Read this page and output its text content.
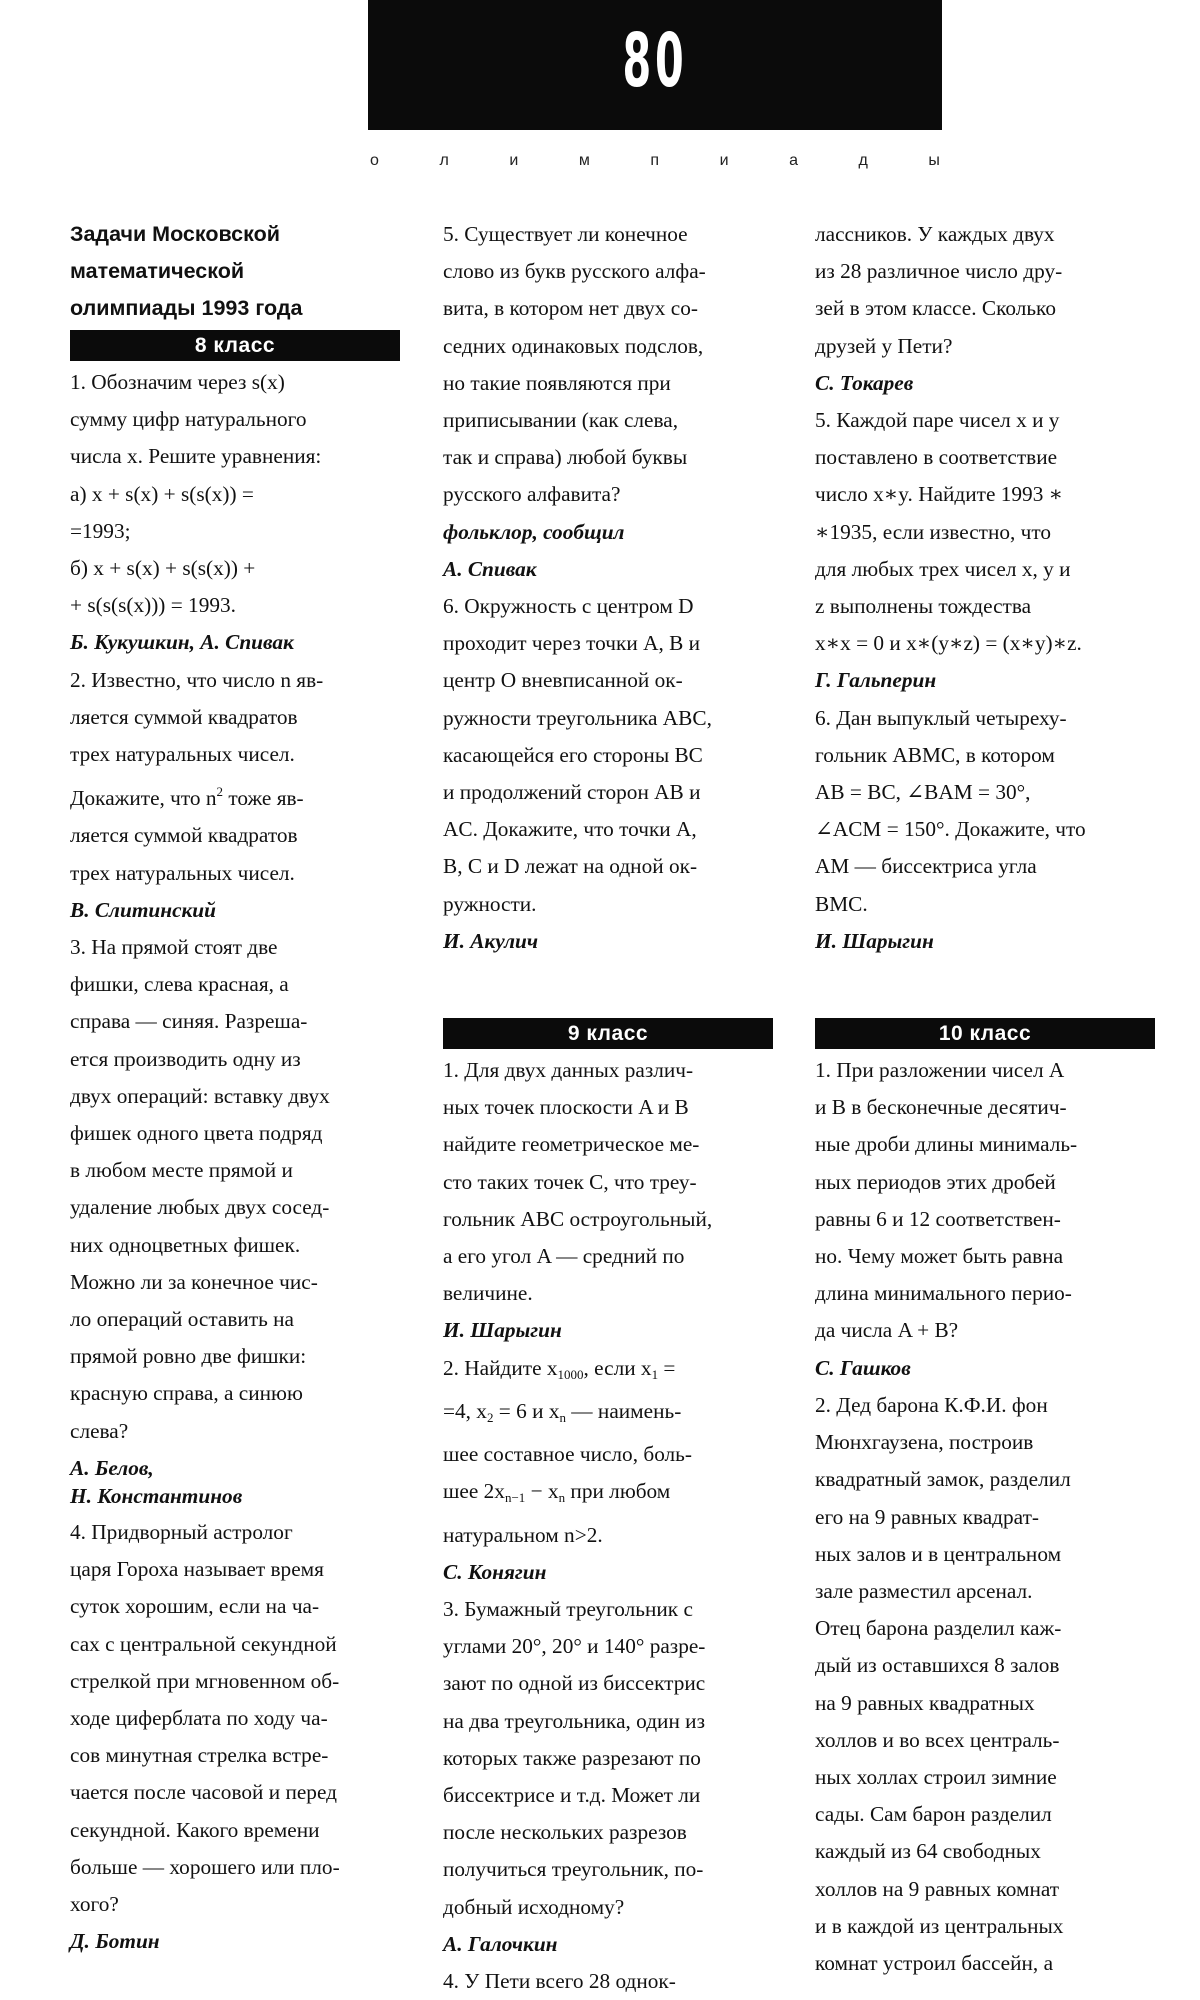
80
о	л	и	м	п	и	а	д	ы

Задачи Московской

математической

олимпиады 1993 года

8 класс

1. Обозначим через s(x)

сумму цифр натурального

числа x. Решите уравнения:

а) x + s(x) + s(s(x)) =

=1993;

б) x + s(x) + s(s(x)) +

+ s(s(s(x))) = 1993.

Б. Кукушкин, А. Спивак

2. Известно, что число n яв-

ляется суммой квадратов

трех натуральных чисел.

Докажите, что $n^2$ тоже яв-

ляется суммой квадратов

трех натуральных чисел.

В. Слитинский

3. На прямой стоят две

фишки, слева красная, а

справа — синяя. Разреша-

ется производить одну из

двух операций: вставку двух

фишек одного цвета подряд

в любом месте прямой и

удаление любых двух сосед-

них одноцветных фишек.

Можно ли за конечное чис-

ло операций оставить на

прямой ровно две фишки:

красную справа, а синюю

слева?

А. Белов,

Н. Константинов

4. Придворный астролог

царя Гороха называет время

суток хорошим, если на ча-

сах с центральной секундной

стрелкой при мгновенном об-

ходе циферблата по ходу ча-

сов минутная стрелка встре-

чается после часовой и перед

секундной. Какого времени

больше — хорошего или пло-

хого?

Д. Ботин

5. Существует ли конечное

слово из букв русского алфа-

вита, в котором нет двух со-

седних одинаковых подслов,

но такие появляются при

приписывании (как слева,

так и справа) любой буквы

русского алфавита?

фольклор, сообщил

А. Спивак

6. Окружность с центром D

проходит через точки A, B и

центр O вневписанной ок-

ружности треугольника ABC,

касающейся его стороны BC

и продолжений сторон AB и

AC. Докажите, что точки A,

B, C и D лежат на одной ок-

ружности.

И. Акулич

9 класс

1. Для двух данных различ-

ных точек плоскости A и B

найдите геометрическое ме-

сто таких точек C, что треу-

гольник ABC остроугольный,

а его угол A — средний по

величине.

И. Шарыгин

2. Найдите $x_{1000}$, если $x_1$ =

=4, $x_2 = 6$ и $x_n$ — наимень-

шее составное число, боль-

шее $2x_{n-1} - x_n$ при любом

натуральном n>2.

С. Конягин

3. Бумажный треугольник с

углами 20°, 20° и 140° разре-

зают по одной из биссектрис

на два треугольника, один из

которых также разрезают по

биссектрисе и т.д. Может ли

после нескольких разрезов

получиться треугольник, по-

добный исходному?

А. Галочкин

4. У Пети всего 28 однок-

лассников. У каждых двух

из 28 различное число дру-

зей в этом классе. Сколько

друзей у Пети?

С. Токарев

5. Каждой паре чисел x и y

поставлено в соответствие

число x∗y. Найдите 1993 ∗

∗1935, если известно, что

для любых трех чисел x, y и

z выполнены тождества

x∗x = 0 и x∗(y∗z) = (x∗y)∗z.

Г. Гальперин

6. Дан выпуклый четыреху-

гольник ABMC, в котором

AB = BC, ∠BAM = 30°,

∠ACM = 150°. Докажите, что

AM — биссектриса угла

BMC.

И. Шарыгин

10 класс

1. При разложении чисел A

и B в бесконечные десятич-

ные дроби длины минималь-

ных периодов этих дробей

равны 6 и 12 соответствен-

но. Чему может быть равна

длина минимального перио-

да числа A + B?

С. Гашков

2. Дед барона К.Ф.И. фон

Мюнхгаузена, построив

квадратный замок, разделил

его на 9 равных квадрат-

ных залов и в центральном

зале разместил арсенал.

Отец барона разделил каж-

дый из оставшихся 8 залов

на 9 равных квадратных

холлов и во всех централь-

ных холлах строил зимние

сады. Сам барон разделил

каждый из 64 свободных

холлов на 9 равных комнат

и в каждой из центральных

комнат устроил бассейн, а
